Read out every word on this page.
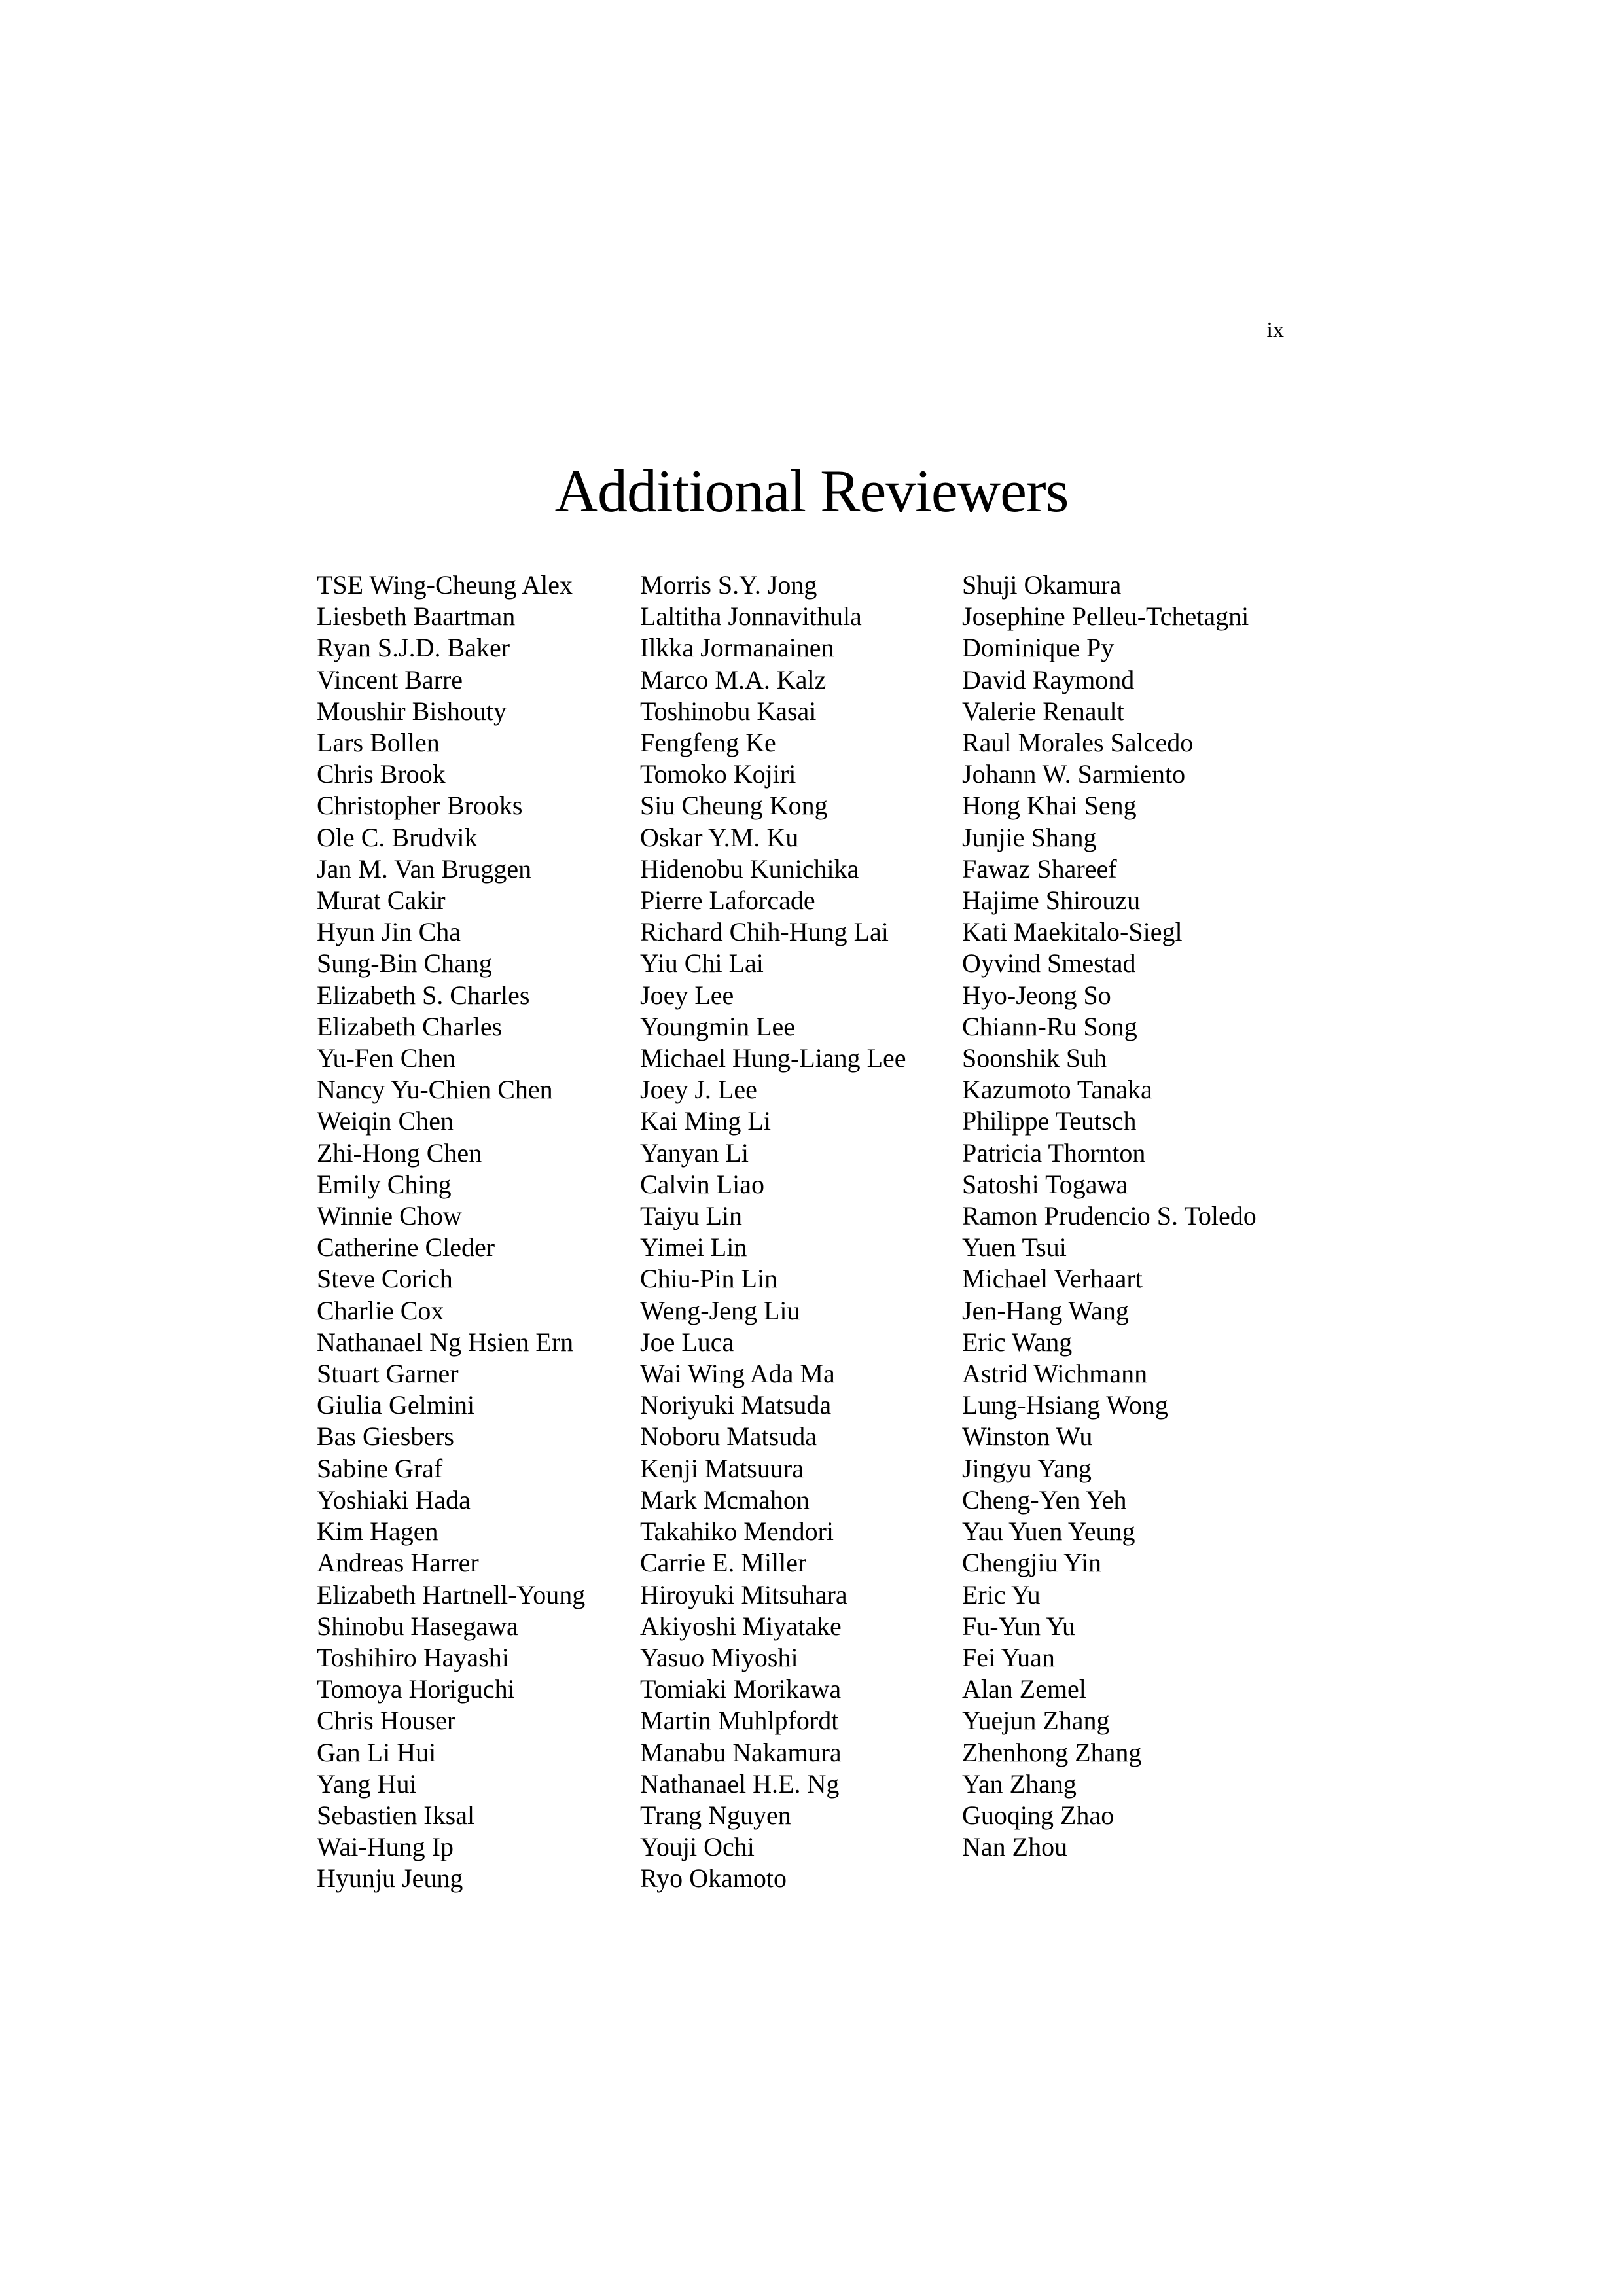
ix
Additional Reviewers
TSE Wing-Cheung Alex
Liesbeth Baartman
Ryan S.J.D. Baker
Vincent Barre
Moushir Bishouty
Lars Bollen
Chris Brook
Christopher Brooks
Ole C. Brudvik
Jan M. Van Bruggen
Murat Cakir
Hyun Jin Cha
Sung-Bin Chang
Elizabeth S. Charles
Elizabeth Charles
Yu-Fen Chen
Nancy Yu-Chien Chen
Weiqin Chen
Zhi-Hong Chen
Emily Ching
Winnie Chow
Catherine Cleder
Steve Corich
Charlie Cox
Nathanael Ng Hsien Ern
Stuart Garner
Giulia Gelmini
Bas Giesbers
Sabine Graf
Yoshiaki Hada
Kim Hagen
Andreas Harrer
Elizabeth Hartnell-Young
Shinobu Hasegawa
Toshihiro Hayashi
Tomoya Horiguchi
Chris Houser
Gan Li Hui
Yang Hui
Sebastien Iksal
Wai-Hung Ip
Hyunju Jeung
Morris S.Y. Jong
Laltitha Jonnavithula
Ilkka Jormanainen
Marco M.A. Kalz
Toshinobu Kasai
Fengfeng Ke
Tomoko Kojiri
Siu Cheung Kong
Oskar Y.M. Ku
Hidenobu Kunichika
Pierre Laforcade
Richard Chih-Hung Lai
Yiu Chi Lai
Joey Lee
Youngmin Lee
Michael Hung-Liang Lee
Joey J. Lee
Kai Ming Li
Yanyan Li
Calvin Liao
Taiyu Lin
Yimei Lin
Chiu-Pin Lin
Weng-Jeng Liu
Joe Luca
Wai Wing Ada Ma
Noriyuki Matsuda
Noboru Matsuda
Kenji Matsuura
Mark Mcmahon
Takahiko Mendori
Carrie E. Miller
Hiroyuki Mitsuhara
Akiyoshi Miyatake
Yasuo Miyoshi
Tomiaki Morikawa
Martin Muhlpfordt
Manabu Nakamura
Nathanael H.E. Ng
Trang Nguyen
Youji Ochi
Ryo Okamoto
Shuji Okamura
Josephine Pelleu-Tchetagni
Dominique Py
David Raymond
Valerie Renault
Raul Morales Salcedo
Johann W. Sarmiento
Hong Khai Seng
Junjie Shang
Fawaz Shareef
Hajime Shirouzu
Kati Maekitalo-Siegl
Oyvind Smestad
Hyo-Jeong So
Chiann-Ru Song
Soonshik Suh
Kazumoto Tanaka
Philippe Teutsch
Patricia Thornton
Satoshi Togawa
Ramon Prudencio S. Toledo
Yuen Tsui
Michael Verhaart
Jen-Hang Wang
Eric Wang
Astrid Wichmann
Lung-Hsiang Wong
Winston Wu
Jingyu Yang
Cheng-Yen Yeh
Yau Yuen Yeung
Chengjiu Yin
Eric Yu
Fu-Yun Yu
Fei Yuan
Alan Zemel
Yuejun Zhang
Zhenhong Zhang
Yan Zhang
Guoqing Zhao
Nan Zhou
